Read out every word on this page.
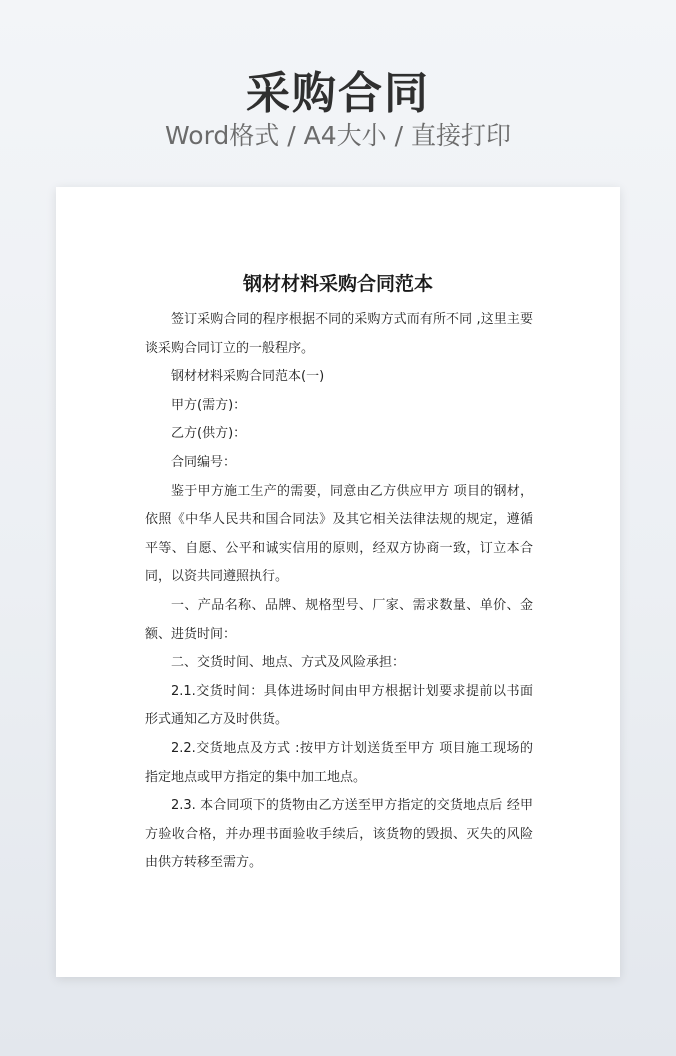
采购合同
Word格式 / A4大小 / 直接打印
钢材材料采购合同范本

签订采购合同的程序根据不同的采购方式而有所不同 ,这里主要谈采购合同订立的一般程序。

钢材材料采购合同范本(一)

甲方(需方)：

乙方(供方)：

合同编号：

鉴于甲方施工生产的需要，同意由乙方供应甲方 项目的钢材，依照《中华人民共和国合同法》及其它相关法律法规的规定，遵循平等、自愿、公平和诚实信用的原则，经双方协商一致，订立本合同，以资共同遵照执行。

一、产品名称、品牌、规格型号、厂家、需求数量、单价、金额、进货时间：

二、交货时间、地点、方式及风险承担：

2.1.交货时间：具体进场时间由甲方根据计划要求提前以书面形式通知乙方及时供货。

2.2.交货地点及方式 :按甲方计划送货至甲方 项目施工现场的指定地点或甲方指定的集中加工地点。

2.3. 本合同项下的货物由乙方送至甲方指定的交货地点后 经甲方验收合格，并办理书面验收手续后，该货物的毁损、灭失的风险由供方转移至需方。
